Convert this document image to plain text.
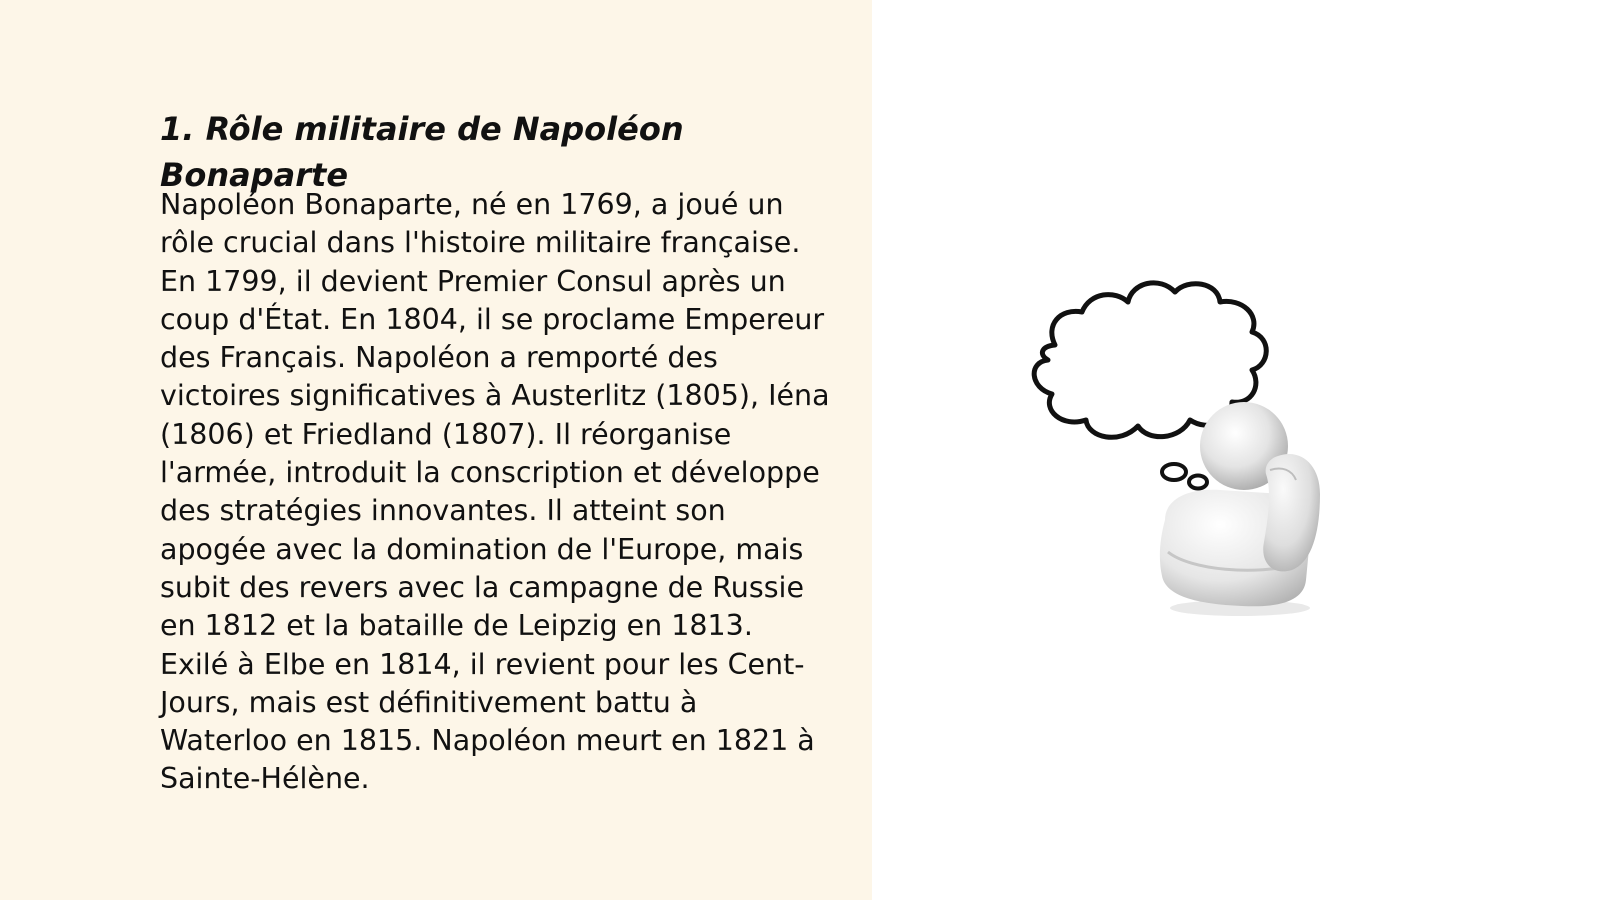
1. Rôle militaire de Napoléon Bonaparte

Napoléon Bonaparte, né en 1769, a joué un rôle crucial dans l'histoire militaire française. En 1799, il devient Premier Consul après un coup d'État. En 1804, il se proclame Empereur des Français. Napoléon a remporté des victoires significatives à Austerlitz (1805), Iéna (1806) et Friedland (1807). Il réorganise l'armée, introduit la conscription et développe des stratégies innovantes. Il atteint son apogée avec la domination de l'Europe, mais subit des revers avec la campagne de Russie en 1812 et la bataille de Leipzig en 1813. Exilé à Elbe en 1814, il revient pour les Cent-Jours, mais est définitivement battu à Waterloo en 1815. Napoléon meurt en 1821 à Sainte-Hélène.
